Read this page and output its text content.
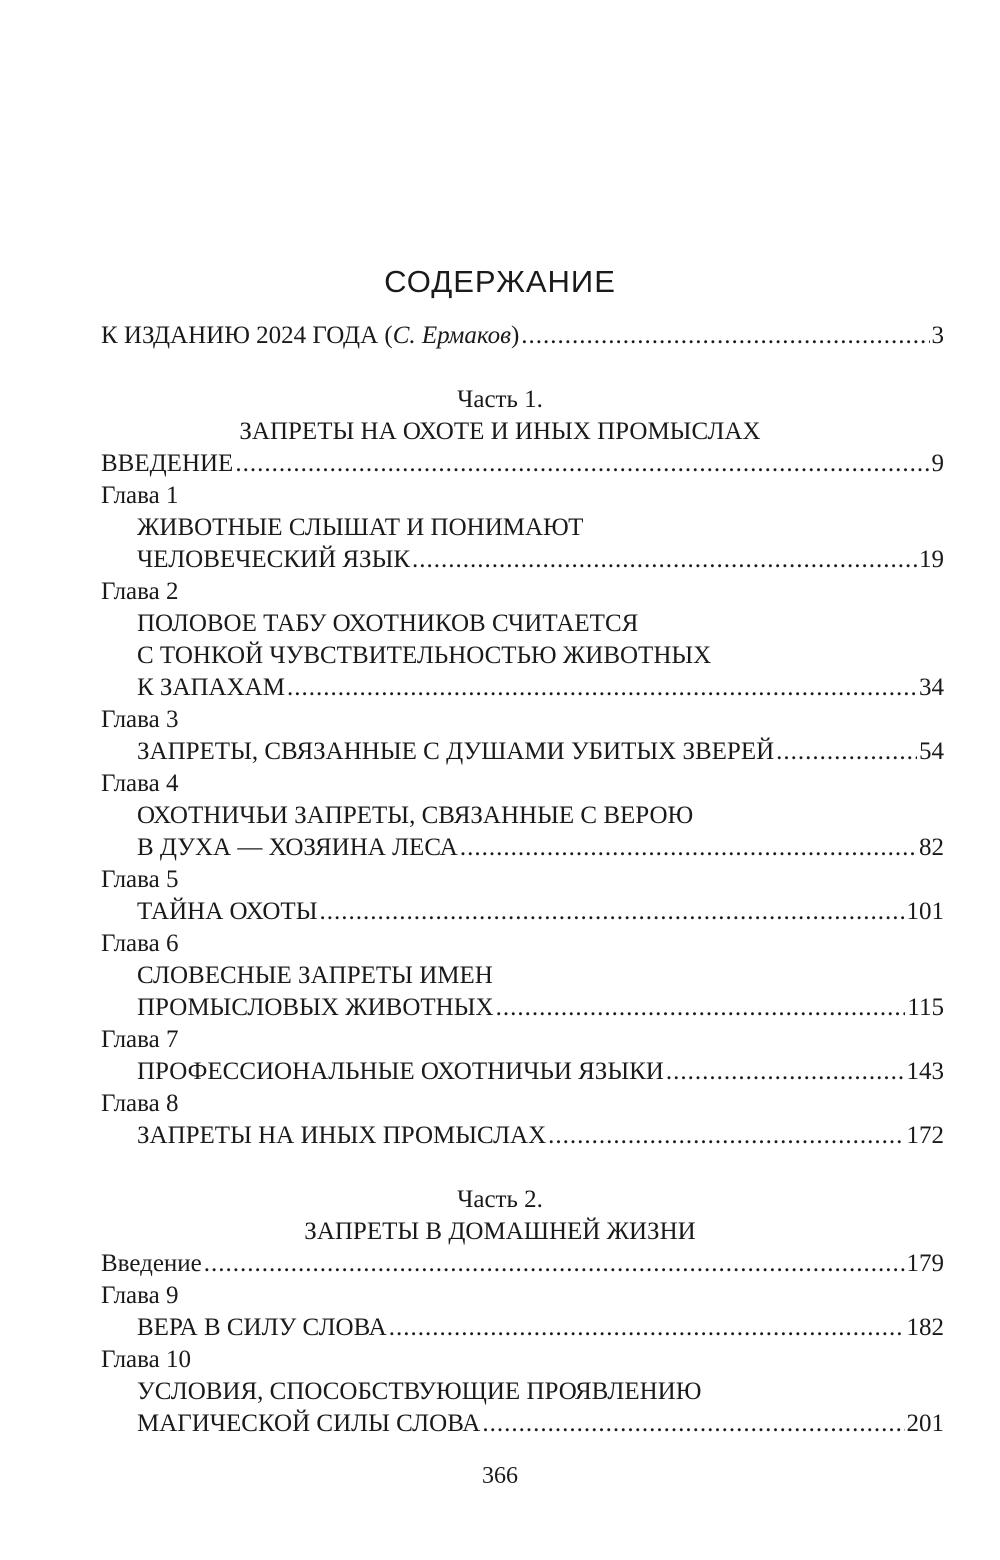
СОДЕРЖАНИЕ
К ИЗДАНИЮ 2024 ГОДА (С. Ермаков) .....	3
Часть 1.
ЗАПРЕТЫ НА ОХОТЕ И ИНЫХ ПРОМЫСЛАХ
ВВЕДЕНИЕ .....	9
Глава 1
ЖИВОТНЫЕ СЛЫШАТ И ПОНИМАЮТ
ЧЕЛОВЕЧЕСКИЙ ЯЗЫК .....	19
Глава 2
ПОЛОВОЕ ТАБУ ОХОТНИКОВ СЧИТАЕТСЯ
С ТОНКОЙ ЧУВСТВИТЕЛЬНОСТЬЮ ЖИВОТНЫХ
К ЗАПАХАМ .....	34
Глава 3
ЗАПРЕТЫ, СВЯЗАННЫЕ С ДУШАМИ УБИТЫХ ЗВЕРЕЙ .....	54
Глава 4
ОХОТНИЧЬИ ЗАПРЕТЫ, СВЯЗАННЫЕ С ВЕРОЮ
В ДУХА — ХОЗЯИНА ЛЕСА .....	82
Глава 5
ТАЙНА ОХОТЫ .....	101
Глава 6
СЛОВЕСНЫЕ ЗАПРЕТЫ ИМЕН
ПРОМЫСЛОВЫХ ЖИВОТНЫХ .....	115
Глава 7
ПРОФЕССИОНАЛЬНЫЕ ОХОТНИЧЬИ ЯЗЫКИ .....	143
Глава 8
ЗАПРЕТЫ НА ИНЫХ ПРОМЫСЛАХ .....	172
Часть 2.
ЗАПРЕТЫ В ДОМАШНЕЙ ЖИЗНИ
Введение .....	179
Глава 9
ВЕРА В СИЛУ СЛОВА .....	182
Глава 10
УСЛОВИЯ, СПОСОБСТВУЮЩИЕ ПРОЯВЛЕНИЮ
МАГИЧЕСКОЙ СИЛЫ СЛОВА .....	201
366
